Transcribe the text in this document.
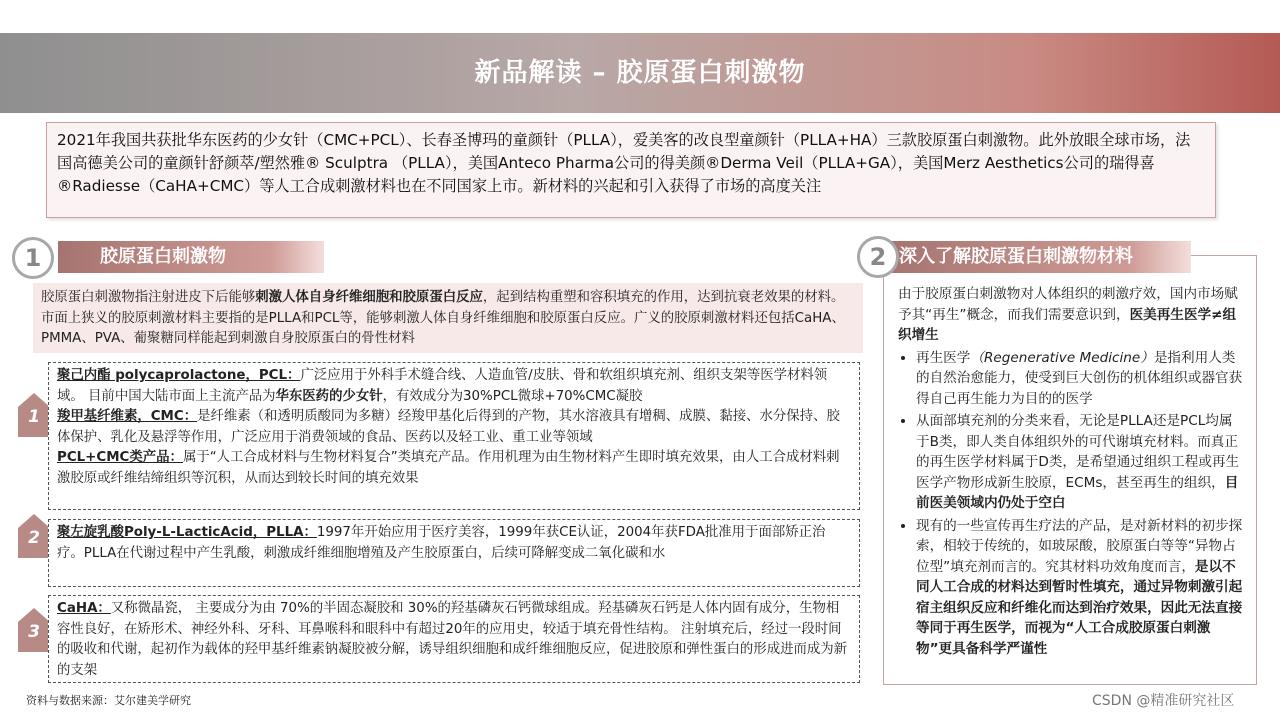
新品解读 – 胶原蛋白刺激物
2021年我国共获批华东医药的少女针（CMC+PCL）、长春圣博玛的童颜针（PLLA），爱美客的改良型童颜针（PLLA+HA）三款胶原蛋白刺激物。此外放眼全球市场，法国高德美公司的童颜针舒颜萃/塑然雅® Sculptra （PLLA），美国Anteco Pharma公司的得美颜®Derma Veil（PLLA+GA），美国Merz Aesthetics公司的瑞得喜®Radiesse（CaHA+CMC）等人工合成刺激材料也在不同国家上市。新材料的兴起和引入获得了市场的高度关注
胶原蛋白刺激物
1
胶原蛋白刺激物指注射进皮下后能够刺激人体自身纤维细胞和胶原蛋白反应，起到结构重塑和容积填充的作用，达到抗衰老效果的材料。市面上狭义的胶原刺激材料主要指的是PLLA和PCL等，能够刺激人体自身纤维细胞和胶原蛋白反应。广义的胶原刺激材料还包括CaHA、PMMA、PVA、葡聚糖同样能起到刺激自身胶原蛋白的骨性材料
1
聚己内酯 polycaprolactone，PCL：广泛应用于外科手术缝合线、人造血管/皮肤、骨和软组织填充剂、组织支架等医学材料领域。 目前中国大陆市面上主流产品为华东医药的少女针，有效成分为30%PCL微球+70%CMC凝胶
羧甲基纤维素，CMC：是纤维素（和透明质酸同为多糖）经羧甲基化后得到的产物，其水溶液具有增稠、成膜、黏接、水分保持、胶体保护、乳化及悬浮等作用，广泛应用于消费领域的食品、医药以及轻工业、重工业等领域
PCL+CMC类产品：属于“人工合成材料与生物材料复合”类填充产品。作用机理为由生物材料产生即时填充效果，由人工合成材料刺激胶原或纤维结缔组织等沉积，从而达到较长时间的填充效果
2	聚左旋乳酸Poly-L-LacticAcid，PLLA：1997年开始应用于医疗美容，1999年获CE认证，2004年获FDA批准用于面部矫正治疗。PLLA在代谢过程中产生乳酸，刺激成纤维细胞增殖及产生胶原蛋白，后续可降解变成二氧化碳和水
3
CaHA：又称微晶瓷， 主要成分为由 70%的半固态凝胶和 30%的羟基磷灰石钙微球组成。羟基磷灰石钙是人体内固有成分，生物相容性良好，在矫形术、神经外科、牙科、耳鼻喉科和眼科中有超过20年的应用史，较适于填充骨性结构。 注射填充后，经过一段时间的吸收和代谢，起初作为载体的羟甲基纤维素钠凝胶被分解，诱导组织细胞和成纤维细胞反应，促进胶原和弹性蛋白的形成进而成为新的支架
由于胶原蛋白刺激物对人体组织的刺激疗效，国内市场赋予其“再生”概念，而我们需要意识到，医美再生医学≠组织增生
• 再生医学（Regenerative Medicine）是指利用人类的自然治愈能力，使受到巨大创伤的机体组织或器官获得自己再生能力为目的的医学
• 从面部填充剂的分类来看，无论是PLLA还是PCL均属于B类，即人类自体组织外的可代谢填充材料。而真正的再生医学材料属于D类，是希望通过组织工程或再生医学产物形成新生胶原，ECMs，甚至再生的组织，目前医美领域内仍处于空白
• 现有的一些宣传再生疗法的产品，是对新材料的初步探索，相较于传统的，如玻尿酸，胶原蛋白等等“异物占位型”填充剂而言的。究其材料功效角度而言，是以不同人工合成的材料达到暂时性填充，通过异物刺激引起宿主组织反应和纤维化而达到治疗效果，因此无法直接等同于再生医学，而视为“人工合成胶原蛋白刺激物”更具备科学严谨性
深入了解胶原蛋白刺激物材料
2
资料与数据来源：艾尔建美学研究	CSDN @精准研究社区
